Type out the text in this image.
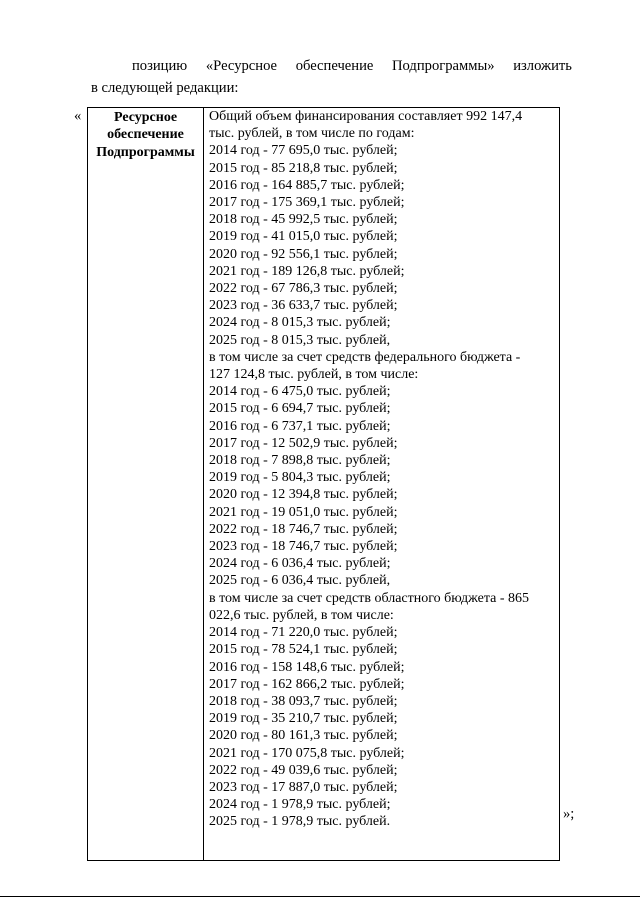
позицию «Ресурсное обеспечение Подпрограммы» изложить
в следующей редакции:
«	Ресурсное
обеспечение
Подпрограммы
Общий объем финансирования составляет 992 147,4
тыс. рублей, в том числе по годам:
2014 год - 77 695,0 тыс. рублей;
2015 год - 85 218,8 тыс. рублей;
2016 год - 164 885,7 тыс. рублей;
2017 год - 175 369,1 тыс. рублей;
2018 год - 45 992,5 тыс. рублей;
2019 год - 41 015,0 тыс. рублей;
2020 год - 92 556,1 тыс. рублей;
2021 год - 189 126,8 тыс. рублей;
2022 год - 67 786,3 тыс. рублей;
2023 год - 36 633,7 тыс. рублей;
2024 год - 8 015,3 тыс. рублей;
2025 год - 8 015,3 тыс. рублей,
в том числе за счет средств федерального бюджета -
127 124,8 тыс. рублей, в том числе:
2014 год - 6 475,0 тыс. рублей;
2015 год - 6 694,7 тыс. рублей;
2016 год - 6 737,1 тыс. рублей;
2017 год - 12 502,9 тыс. рублей;
2018 год - 7 898,8 тыс. рублей;
2019 год - 5 804,3 тыс. рублей;
2020 год - 12 394,8 тыс. рублей;
2021 год - 19 051,0 тыс. рублей;
2022 год - 18 746,7 тыс. рублей;
2023 год - 18 746,7 тыс. рублей;
2024 год - 6 036,4 тыс. рублей;
2025 год - 6 036,4 тыс. рублей,
в том числе за счет средств областного бюджета - 865
022,6 тыс. рублей, в том числе:
2014 год - 71 220,0 тыс. рублей;
2015 год - 78 524,1 тыс. рублей;
2016 год - 158 148,6 тыс. рублей;
2017 год - 162 866,2 тыс. рублей;
2018 год - 38 093,7 тыс. рублей;
2019 год - 35 210,7 тыс. рублей;
2020 год - 80 161,3 тыс. рублей;
2021 год - 170 075,8 тыс. рублей;
2022 год - 49 039,6 тыс. рублей;
2023 год - 17 887,0 тыс. рублей;
2024 год - 1 978,9 тыс. рублей;
2025 год - 1 978,9 тыс. рублей.	»;
